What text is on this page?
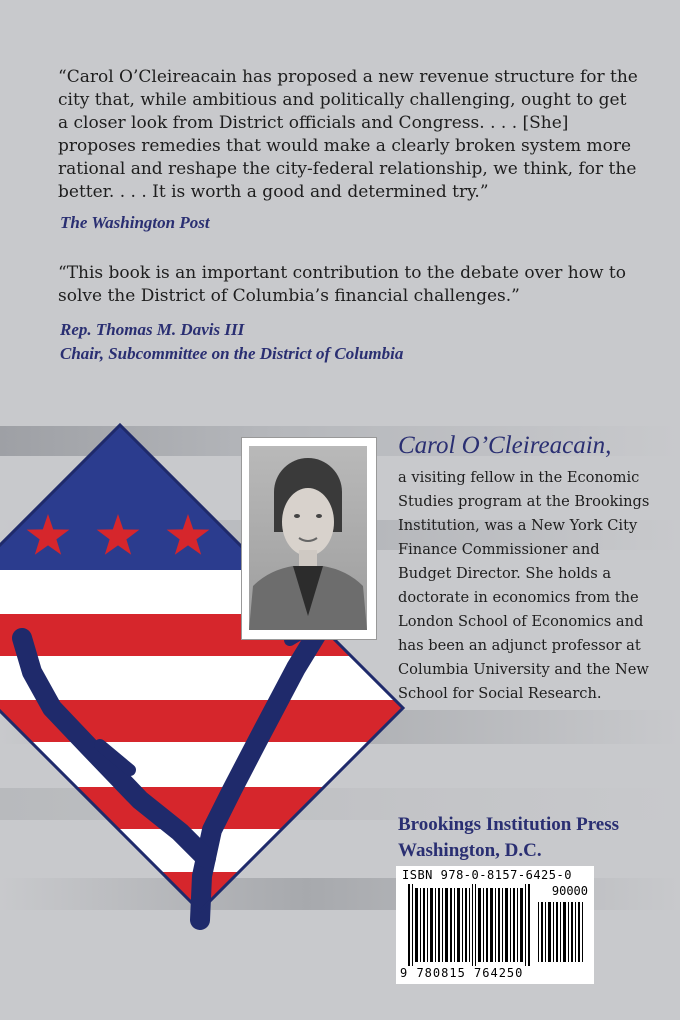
“Carol O’Cleireacain has proposed a new revenue structure for the city that, while ambitious and politically challenging, ought to get a closer look from District officials and Congress. . . . [She] proposes remedies that would make a clearly broken system more rational and reshape the city-federal relationship, we think, for the better. . . . It is worth a good and determined try.”
The Washington Post
“This book is an important contribution to the debate over how to solve the District of Columbia’s financial challenges.”
Rep. Thomas M. Davis III
Chair, Subcommittee on the District of Columbia
Carol O’Cleireacain,
a visiting fellow in the Economic Studies program at the Brookings Institution, was a New York City Finance Commissioner and Budget Director. She holds a doctorate in economics from the London School of Economics and has been an adjunct professor at Columbia University and the New School for Social Research.
Brookings Institution Press
Washington, D.C.
ISBN 978-0-8157-6425-0
90000
9 780815 764250
